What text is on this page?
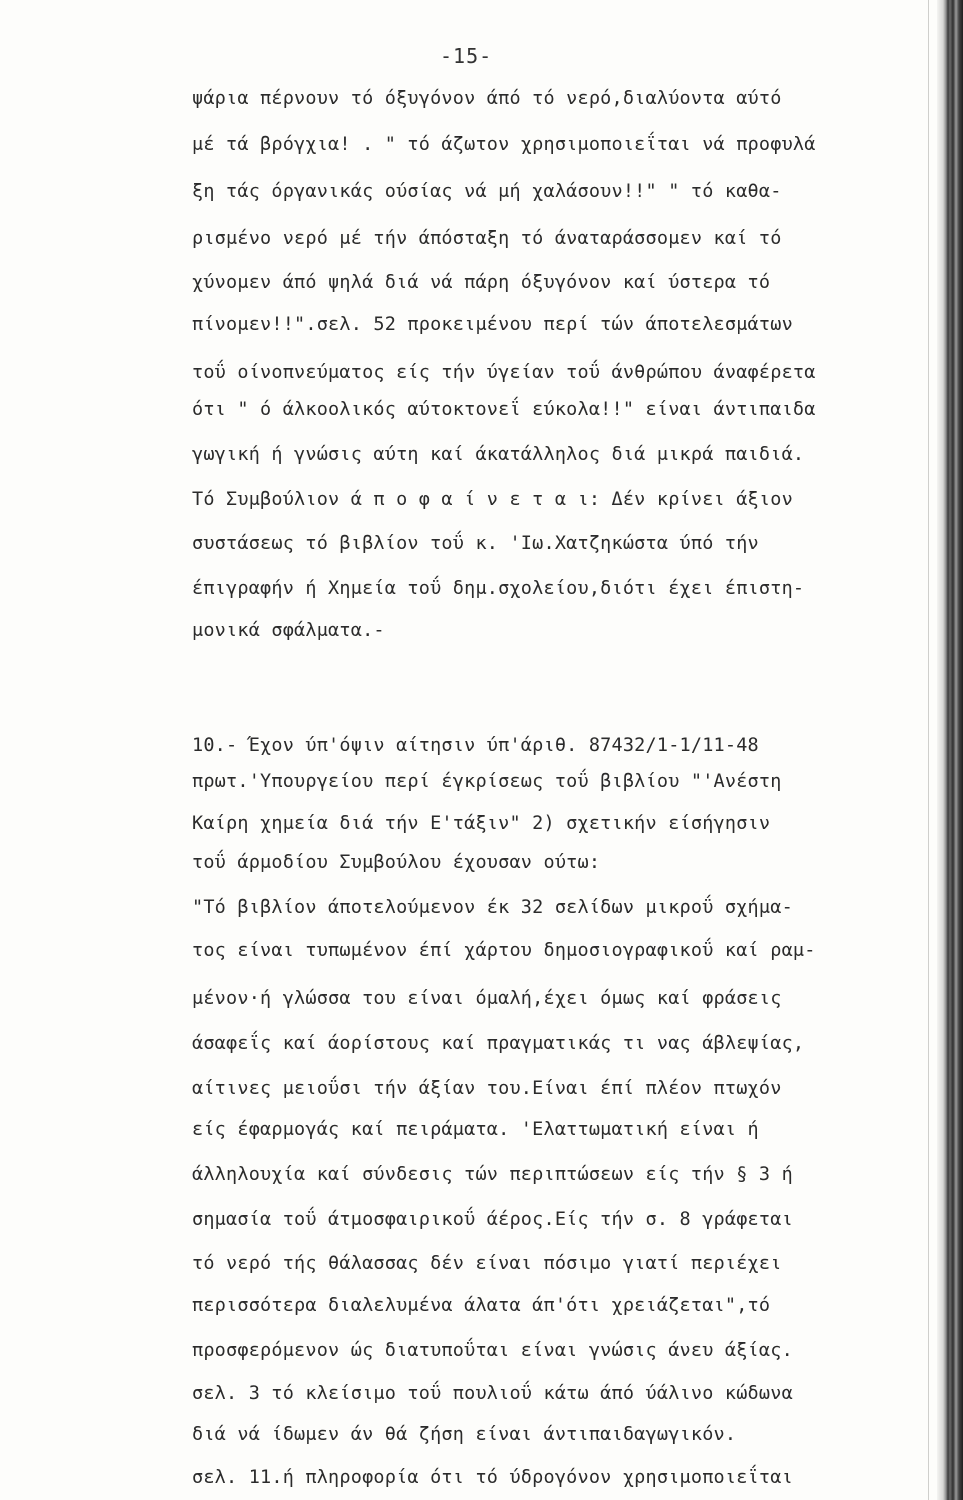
-15-
ψάρια πέρνουν τό όξυγόνον άπό τό νερό,διαλύοντα αύτό
μέ τά βρόγχια! . " τό άζωτον χρησιμοποιεΐται νά προφυλά
ξη τάς όργανικάς ούσίας νά μή χαλάσουν!!" " τό καθα-
ρισμένο νερό μέ τήν άπόσταξη τό άναταράσσομεν καί τό
χύνομεν άπό ψηλά διά νά πάρη όξυγόνον καί ύστερα τό
πίνομεν!!".σελ. 52 προκειμένου περί τών άποτελεσμάτων
τοΰ οίνοπνεύματος είς τήν ύγείαν τοΰ άνθρώπου άναφέρετα
ότι " ό άλκοολικός αύτοκτονεΐ εύκολα!!" είναι άντιπαιδα
γωγική ή γνώσις αύτη καί άκατάλληλος διά μικρά παιδιά.
Τό Συμβούλιον ά π ο φ α ί ν ε τ α ι: Δέν κρίνει άξιον
συστάσεως τό βιβλίον τοΰ κ. 'Ιω.Χατζηκώστα ύπό τήν
έπιγραφήν ή Χημεία τοΰ δημ.σχολείου,διότι έχει έπιστη-
μονικά σφάλματα.-
10.- Έχον ύπ'όψιν αίτησιν ύπ'άριθ. 87432/1-1/11-48
πρωτ.'Υπουργείου περί έγκρίσεως τοΰ βιβλίου "'Ανέστη
Καίρη χημεία διά τήν Ε'τάξιν" 2) σχετικήν είσήγησιν
τοΰ άρμοδίου Συμβούλου έχουσαν ούτω:
"Τό βιβλίον άποτελούμενον έκ 32 σελίδων μικροΰ σχήμα-
τος είναι τυπωμένον έπί χάρτου δημοσιογραφικοΰ καί ραμ-
μένον·ή γλώσσα του είναι όμαλή,έχει όμως καί φράσεις
άσαφεΐς καί άορίστους καί πραγματικάς τι νας άβλεψίας,
αίτινες μειοΰσι τήν άξίαν του.Είναι έπί πλέον πτωχόν
είς έφαρμογάς καί πειράματα. 'Ελαττωματική είναι ή
άλληλουχία καί σύνδεσις τών περιπτώσεων είς τήν § 3 ή
σημασία τοΰ άτμοσφαιρικοΰ άέρος.Είς τήν σ. 8 γράφεται
τό νερό τής θάλασσας δέν είναι πόσιμο γιατί περιέχει
περισσότερα διαλελυμένα άλατα άπ'ότι χρειάζεται",τό
προσφερόμενον ώς διατυποΰται είναι γνώσις άνευ άξίας.
σελ. 3 τό κλείσιμο τοΰ πουλιοΰ κάτω άπό ύάλινο κώδωνα
διά νά ίδωμεν άν θά ζήση είναι άντιπαιδαγωγικόν.
σελ. 11.ή πληροφορία ότι τό ύδρογόνον χρησιμοποιεΐται
